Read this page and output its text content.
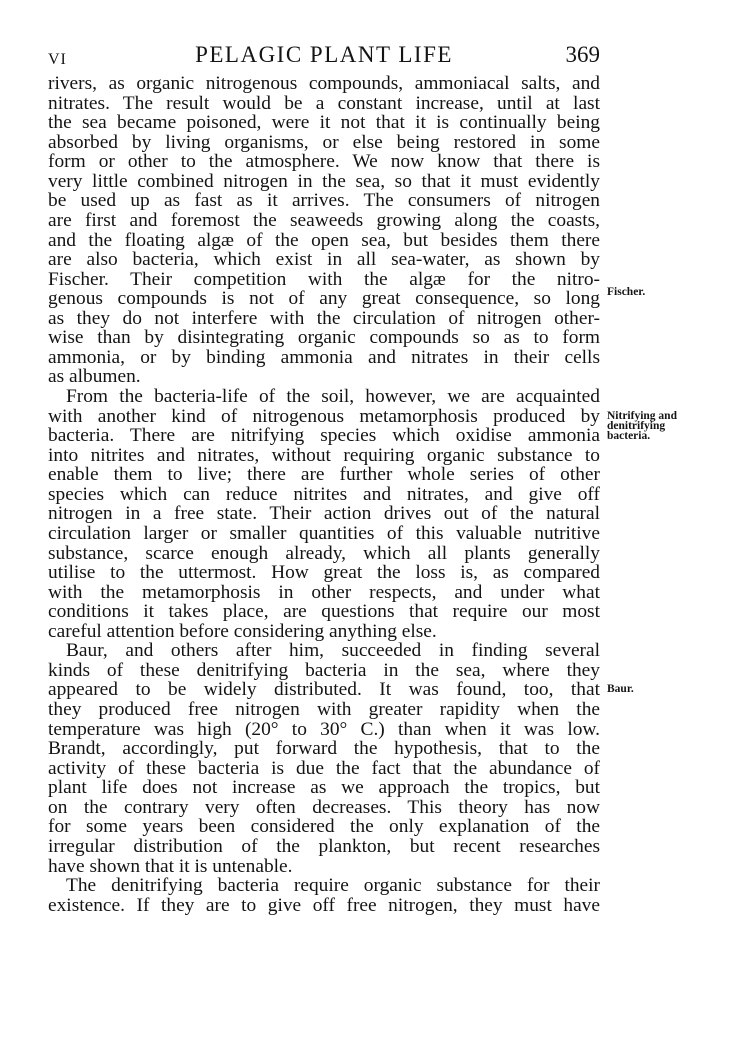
VI	PELAGIC PLANT LIFE	369
rivers, as organic nitrogenous compounds, ammoniacal salts, and
nitrates. The result would be a constant increase, until at last
the sea became poisoned, were it not that it is continually being
absorbed by living organisms, or else being restored in some
form or other to the atmosphere. We now know that there is
very little combined nitrogen in the sea, so that it must evidently
be used up as fast as it arrives. The consumers of nitrogen
are first and foremost the seaweeds growing along the coasts,
and the floating algæ of the open sea, but besides them there
are also bacteria, which exist in all sea-water, as shown by
Fischer. Their competition with the algæ for the nitro-
genous compounds is not of any great consequence, so long
as they do not interfere with the circulation of nitrogen other-
wise than by disintegrating organic compounds so as to form
ammonia, or by binding ammonia and nitrates in their cells
as albumen.
From the bacteria-life of the soil, however, we are acquainted
with another kind of nitrogenous metamorphosis produced by
bacteria. There are nitrifying species which oxidise ammonia
into nitrites and nitrates, without requiring organic substance to
enable them to live; there are further whole series of other
species which can reduce nitrites and nitrates, and give off
nitrogen in a free state. Their action drives out of the natural
circulation larger or smaller quantities of this valuable nutritive
substance, scarce enough already, which all plants generally
utilise to the uttermost. How great the loss is, as compared
with the metamorphosis in other respects, and under what
conditions it takes place, are questions that require our most
careful attention before considering anything else.
Baur, and others after him, succeeded in finding several
kinds of these denitrifying bacteria in the sea, where they
appeared to be widely distributed. It was found, too, that
they produced free nitrogen with greater rapidity when the
temperature was high (20° to 30° C.) than when it was low.
Brandt, accordingly, put forward the hypothesis, that to the
activity of these bacteria is due the fact that the abundance of
plant life does not increase as we approach the tropics, but
on the contrary very often decreases. This theory has now
for some years been considered the only explanation of the
irregular distribution of the plankton, but recent researches
have shown that it is untenable.
The denitrifying bacteria require organic substance for their
existence. If they are to give off free nitrogen, they must have
Fischer.
Nitrifying and
denitrifying
bacteria.
Baur.
